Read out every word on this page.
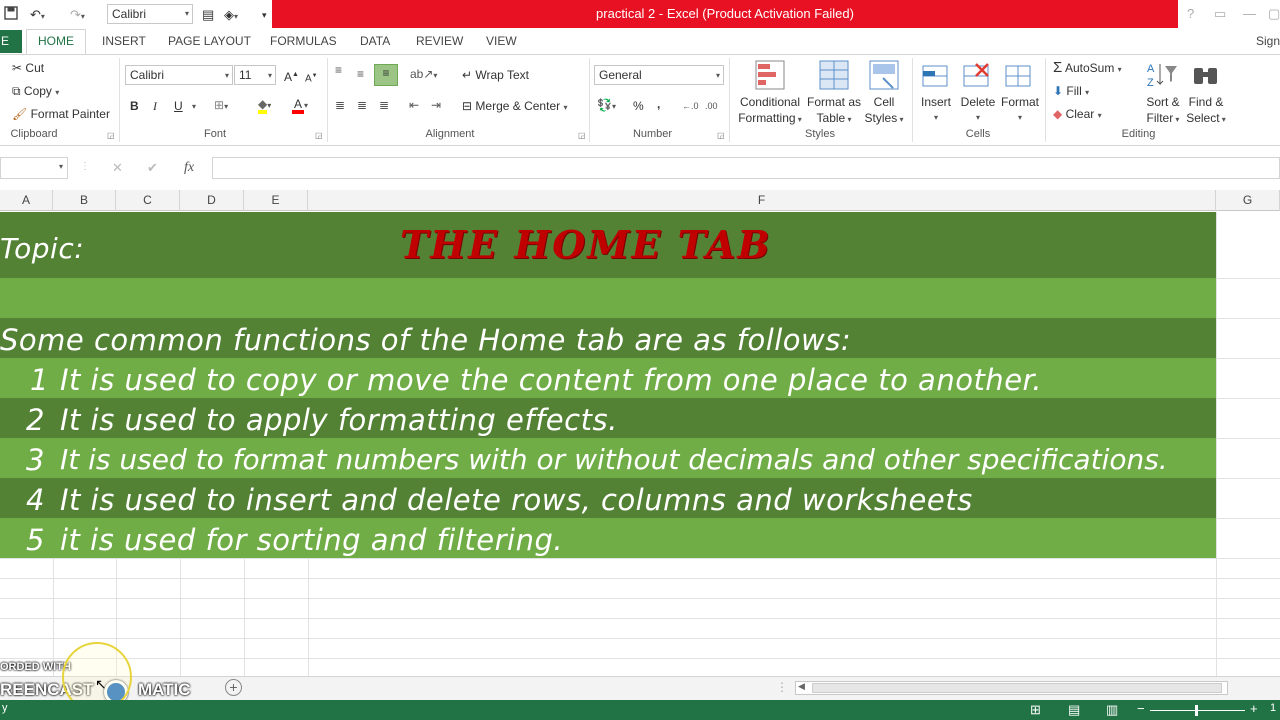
↶▾ ↷▾	Calibri	▾ ▤ ◈▾	▾	practical 2 - Excel (Product Activation Failed)	? ▭ — ▢
E	HOME	INSERT PAGE LAYOUT FORMULAS DATA REVIEW VIEW	Sign
✂ Cut
⧉ Copy ▾
🖌 Format Painter
Clipboard	◲
Calibri	▾ 11 ▾ A▲ A▼
B I U ▾ ⊞▾ ◆▾ A ▾
Font	◲
≡ ≡	≡	ab↗▾
≣ ≣ ≣ ⇤ ⇥
↵ Wrap Text
⊟ Merge & Center ▾
Alignment	◲
General	▾
💱▾ % , ←.0 .00
Number	◲
Conditional
Formatting ▾
Format as
Table ▾
Cell
Styles ▾
Styles
Insert
▾
Delete
▾
Format
▾
Cells
Σ AutoSum ▾
⬇ Fill ▾
◆ Clear ▾
A
Z
Sort &
Filter ▾
Find &
Select ▾
Editing
▾ ⋮ ✕ ✔ fx
A	B	C	D	E	F	G
Topic:	THE HOME TAB
Some common functions of the Home tab are as follows:
1 It is used to copy or move the content from one place to another.
2 It is used to apply formatting effects.
3 It is used to format numbers with or without decimals and other specifications.
4 It is used to insert and delete rows, columns and worksheets
5 it is used for sorting and filtering.
+	⋮ ◀
ORDED WITH
REENCAST	MATIC
↖
y	⊞ ▤ ▥ −	+ 1
